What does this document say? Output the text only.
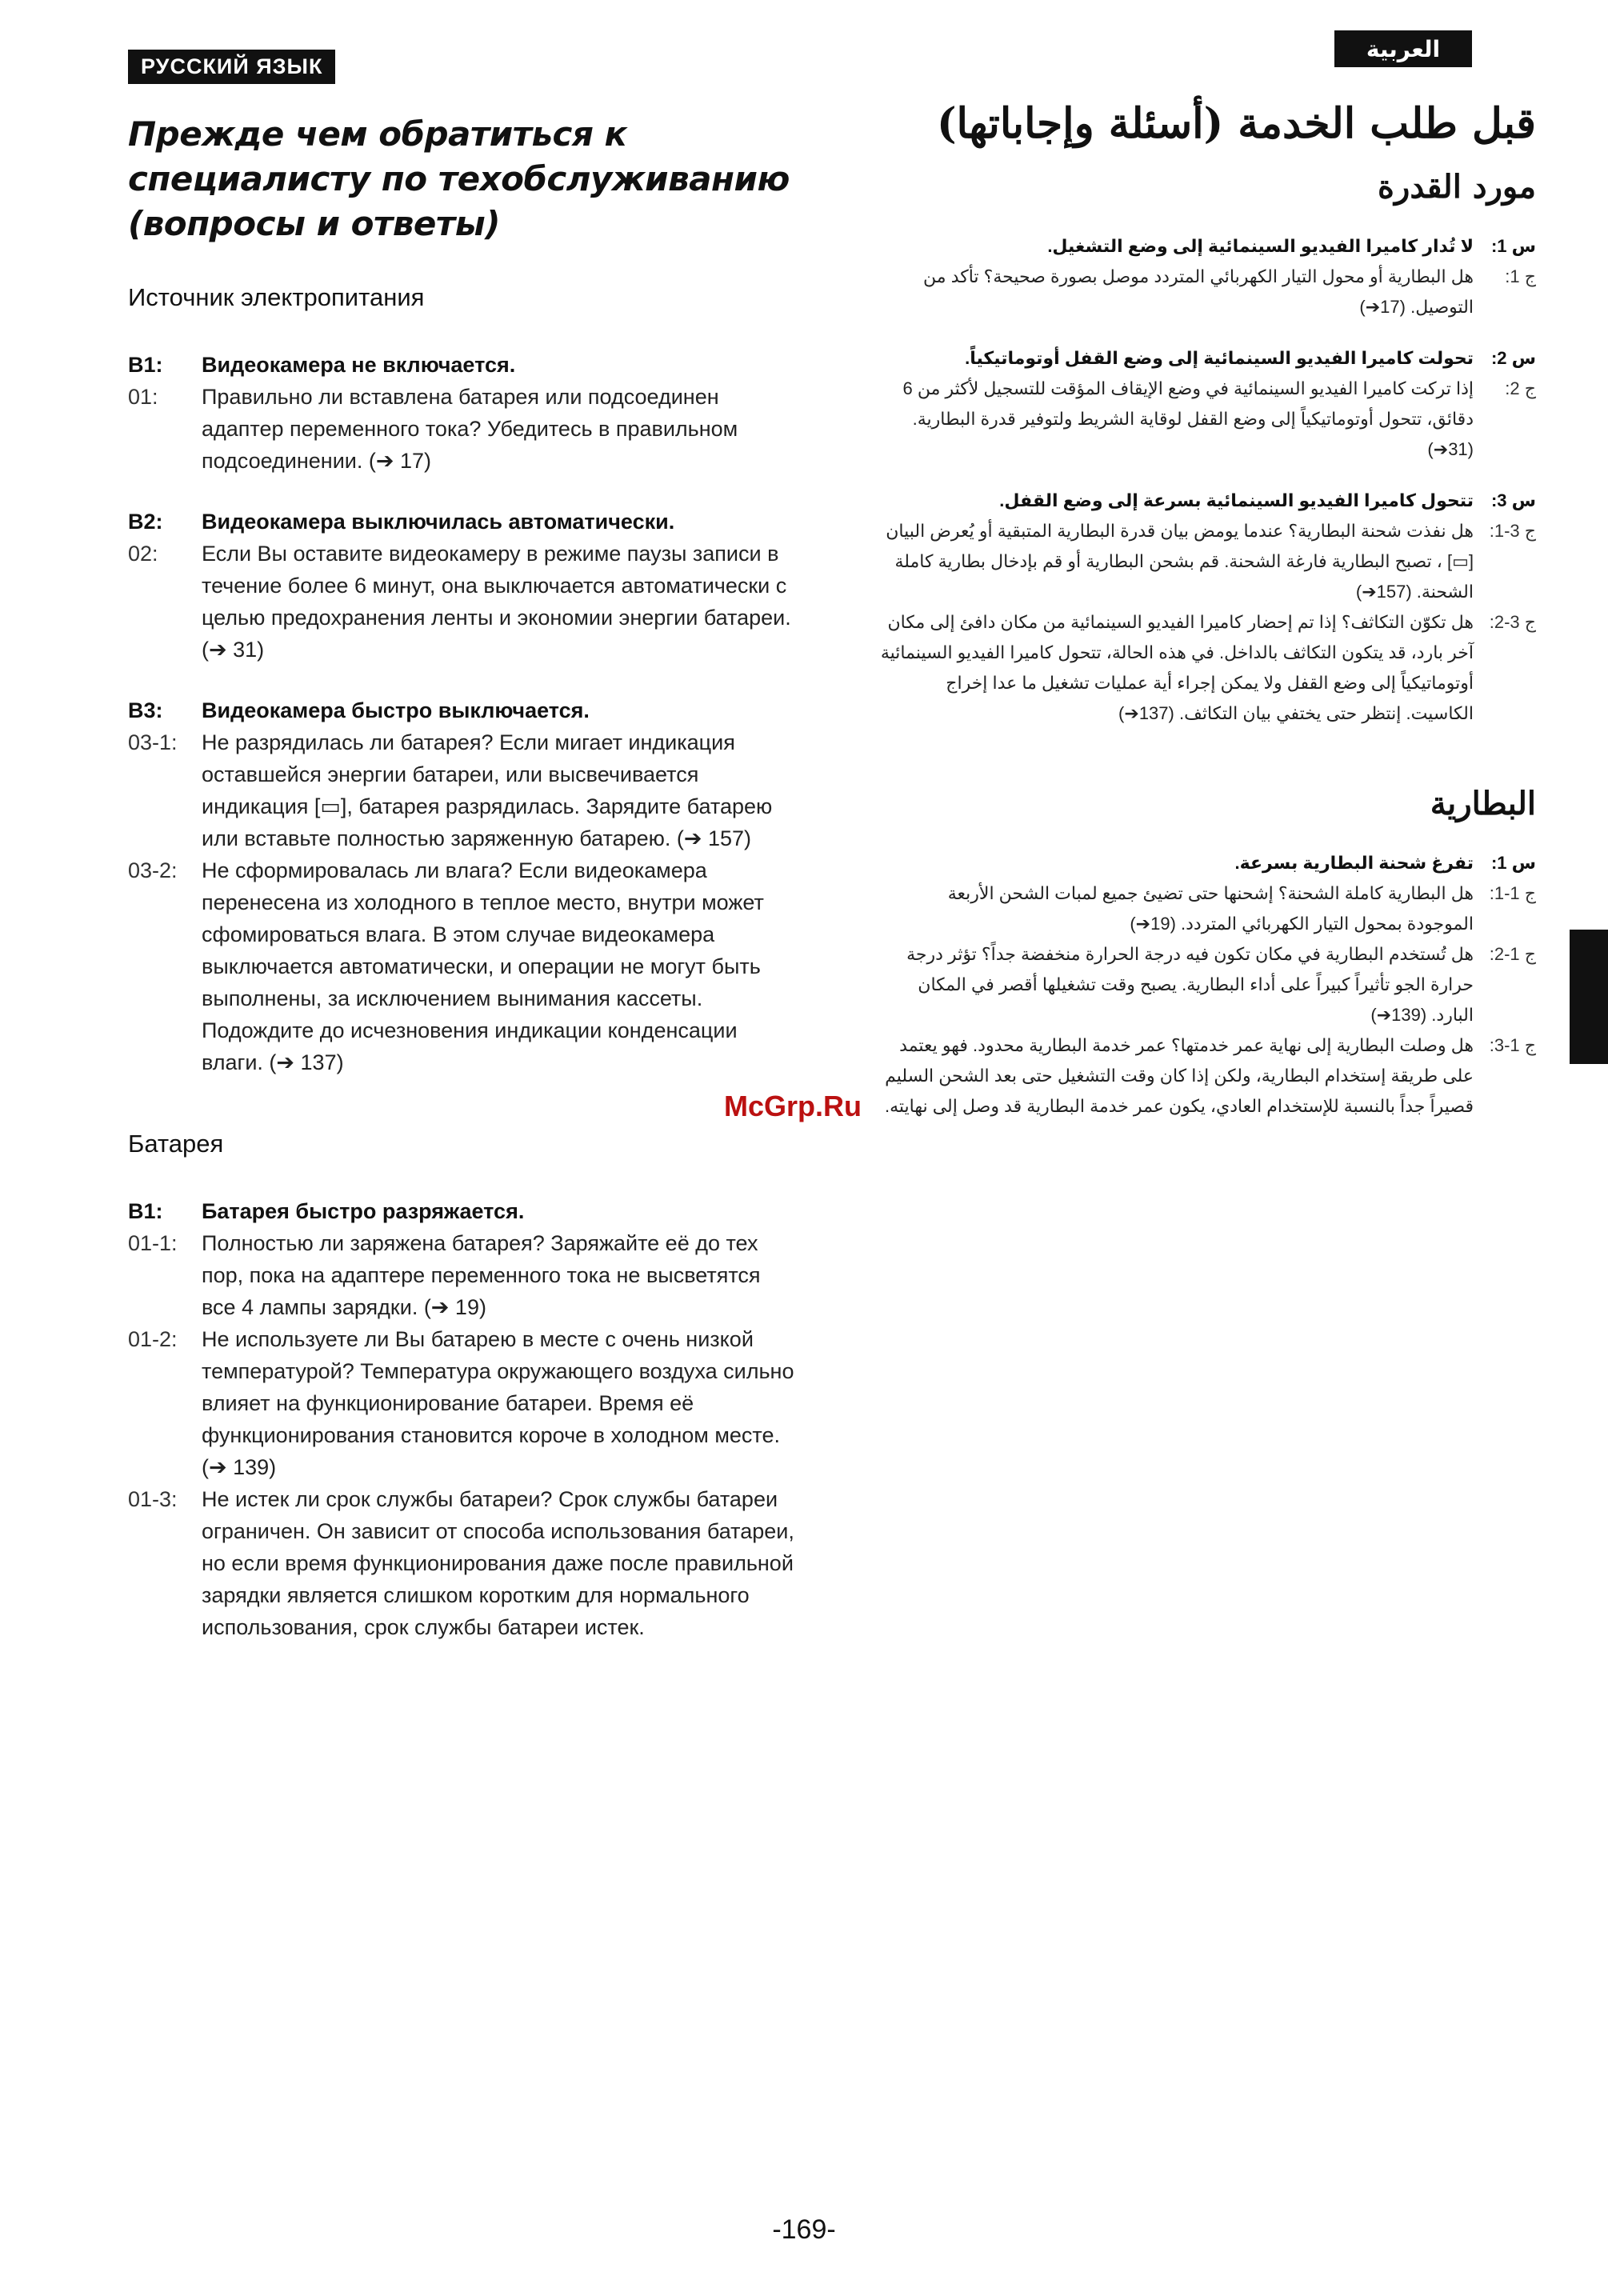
РУССКИЙ ЯЗЫК
العربية
Прежде чем обратиться к специалисту по техобслуживанию (вопросы и ответы)
Источник электропитания
B1:	Видеокамера не включается.
01:	Правильно ли вставлена батарея или подсоединен адаптер переменного тока? Убедитесь в правильном подсоединении. (➔ 17)
B2:	Видеокамера выключилась автоматически.
02:	Если Вы оставите видеокамеру в режиме паузы записи в течение более 6 минут, она выключается автоматически с целью предохранения ленты и экономии энергии батареи. (➔ 31)
B3:	Видеокамера быстро выключается.
03-1:	Не разрядилась ли батарея? Если мигает индикация оставшейся энергии батареи, или высвечивается индикация [▭], батарея разрядилась. Зарядите батарею или вставьте полностью заряженную батарею. (➔ 157)
03-2:	Не сформировалась ли влага? Если видеокамера перенесена из холодного в теплое место, внутри может сфомироваться влага. В этом случае видеокамера выключается автоматически, и операции не могут быть выполнены, за исключением вынимания кассеты. Подождите до исчезновения индикации конденсации влаги. (➔ 137)
Батарея
B1:	Батарея быстро разряжается.
01-1:	Полностью ли заряжена батарея? Заряжайте её до тех пор, пока на адаптере переменного тока не высветятся все 4 лампы зарядки. (➔ 19)
01-2:	Не используете ли Вы батарею в месте с очень низкой температурой? Температура окружающего воздуха сильно влияет на функционирование батареи. Время её функционирования становится короче в холодном месте. (➔ 139)
01-3:	Не истек ли срок службы батареи? Срок службы батареи ограничен. Он зависит от способа использования батареи, но если время функционирования даже после правильной зарядки является слишком коротким для нормального использования, срок службы батареи истек.
قبل طلب الخدمة (أسئلة وإجاباتها)
مورد القدرة
س 1:
لا تُدار كاميرا الفيديو السينمائية إلى وضع التشغيل.
ج 1:
هل البطارية أو محول التيار الكهربائي المتردد موصل بصورة صحيحة؟ تأكد من التوصيل. (17➔)
س 2:
تحولت كاميرا الفيديو السينمائية إلى وضع القفل أوتوماتيكياً.
ج 2:
إذا تركت كاميرا الفيديو السينمائية في وضع الإيقاف المؤقت للتسجيل لأكثر من 6 دقائق، تتحول أوتوماتيكياً إلى وضع القفل لوقاية الشريط ولتوفير قدرة البطارية. (31➔)
س 3:
تتحول كاميرا الفيديو السينمائية بسرعة إلى وضع القفل.
ج 3-1:
هل نفذت شحنة البطارية؟ عندما يومض بيان قدرة البطارية المتبقية أو يُعرض البيان [▭] ، تصبح البطارية فارغة الشحنة. قم بشحن البطارية أو قم بإدخال بطارية كاملة الشحنة. (157➔)
ج 3-2:
هل تكوّن التكاثف؟ إذا تم إحضار كاميرا الفيديو السينمائية من مكان دافئ إلى مكان آخر بارد، قد يتكون التكاثف بالداخل. في هذه الحالة، تتحول كاميرا الفيديو السينمائية أوتوماتيكياً إلى وضع القفل ولا يمكن إجراء أية عمليات تشغيل ما عدا إخراج الكاسيت. إنتظر حتى يختفي بيان التكاثف. (137➔)
البطارية
س 1:
تفرغ شحنة البطارية بسرعة.
ج 1-1:
هل البطارية كاملة الشحنة؟ إشحنها حتى تضيئ جميع لمبات الشحن الأربعة الموجودة بمحول التيار الكهربائي المتردد. (19➔)
ج 1-2:
هل تُستخدم البطارية في مكان تكون فيه درجة الحرارة منخفضة جداً؟ تؤثر درجة حرارة الجو تأثيراً كبيراً على أداء البطارية. يصبح وقت تشغيلها أقصر في المكان البارد. (139➔)
ج 1-3:
هل وصلت البطارية إلى نهاية عمر خدمتها؟ عمر خدمة البطارية محدود. فهو يعتمد على طريقة إستخدام البطارية، ولكن إذا كان وقت التشغيل حتى بعد الشحن السليم قصيراً جداً بالنسبة للإستخدام العادي، يكون عمر خدمة البطارية قد وصل إلى نهايته.
McGrp.Ru
-169-
